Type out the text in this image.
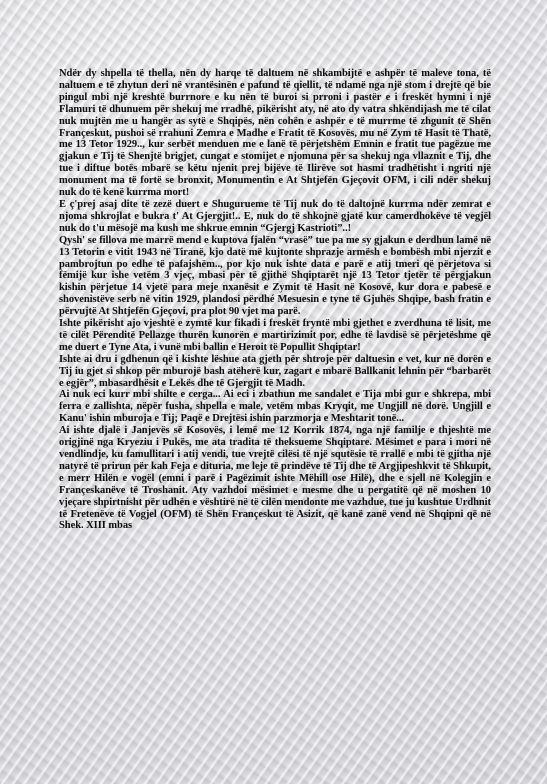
Ndër dy shpella të thella, nën dy harqe të daltuem në shkambijtë e ashpër të maleve tona, të naltuem e të zhytun deri në vrantësinën e pafund të qiellit, të ndamë nga një stom i drejtë që bie pingul mbi një kreshtë burrnore e ku nën të buroi si prroni i pastër e i freskët hymni i një Flamuri të dhunuem për shekuj me rradhë, pikërisht aty, në ato dy vatra shkëndijash me të cilat nuk mujtën me u hangër as sytë e Shqipës, nën cohën e ashpër e të murrme të zhgunit të Shën Françeskut, pushoi së rrahuni Zemra e Madhe e Fratit të Kosovës, mu në Zym të Hasit të Thatë, me 13 Tetor 1929.., kur serbët menduen me e lanë të përjetshëm Emnin e fratit tue pagëzue me gjakun e Tij të Shenjtë brigjet, cungat e stomijet e njomuna për sa shekuj nga vllaznit e Tij, dhe tue i diftue botës mbarë se këtu njenit prej bijëve të Ilirëve sot hasmi tradhëtisht i ngriti një monument ma të fortë se bronxit, Monumentin e At Shtjefën Gjeçovit OFM, i cili ndër shekuj nuk do të kenë kurrma mort!

E ç'prej asaj dite të zezë duert e Shugurueme të Tij nuk do të daltojnë kurrma ndër zemrat e njoma shkrojlat e bukra t' At Gjergjit!.. E, nuk do të shkojnë gjatë kur camerdhokëve të vegjël nuk do t'u mësojë ma kush me shkrue emnin “Gjergj Kastrioti”..!

Qysh' se fillova me marrë mend e kuptova fjalën “vrasë” tue pa me sy gjakun e derdhun lamë në 13 Tetorin e vitit 1943 në Tiranë, kjo datë më kujtonte shprazje armësh e bombësh mbi njerzit e pambrojtun po edhe të pafajshëm.., por kjo nuk ishte data e parë e atij tmeri që përjetova si fëmijë kur ishe vetëm 3 vjeç, mbasi për të gjithë Shqiptarët një 13 Tetor tjetër të përgjakun kishin përjetue 14 vjetë para meje nxanësit e Zymit të Hasit në Kosovë, kur dora e pabesë e shovenistëve serb në vitin 1929, plandosi përdhé Mesuesin e tyne të Gjuhës Shqipe, bash fratin e përvujtë At Shtjefën Gjeçovi, pra plot 90 vjet ma parë.

Ishte pikërisht ajo vjeshtë e zymtë kur fikadi i freskët fryntë mbi gjethet e zverdhuna të lisit, me të cilët Përenditë Pellazge thurën kunorën e martirizimit por, edhe të lavdisë së përjetëshme që me duert e Tyne Ata, i vunë mbi ballin e Heroit të Popullit Shqiptar!

Ishte ai dru i gdhenun që i kishte lëshue ata gjeth për shtroje për daltuesin e vet, kur në dorën e Tij iu gjet si shkop për mburojë bash atëherë kur, zagart e mbarë Ballkanit lehnin për “barbarët e egjër”, mbasardhësit e Lekës dhe të Gjergjit të Madh.

Ai nuk eci kurr mbi shilte e cerga... Ai eci i zbathun me sandalet e Tija mbi gur e shkrepa, mbi ferra e zallishta, nëpër fusha, shpella e male, vetëm mbas Kryqit, me Ungjill në dorë. Ungjill e Kanu' ishin mburoja e Tij; Paqë e Drejtësi ishin parzmorja e Meshtarit tonë...

Ai ishte djalë i Janjevës së Kosovës, i lemë me 12 Korrik 1874, nga një familje e thjeshtë me origjinë nga Kryeziu i Pukës, me ata tradita të theksueme Shqiptare. Mësimet e para i mori në vendlindje, ku famullitari i atij vendi, tue vrejtë cilësi të një squtësie të rrallë e mbi të gjitha një natyrë të prirun për kah Feja e dituria, me leje të prindëve të Tij dhe të Argjipeshkvit të Shkupit, e merr Hilën e vogël (emni i parë i Pagëzimit ishte Mëhill ose Hilë), dhe e sjell në Kolegjin e Françeskanëve të Troshanit. Aty vazhdoi mësimet e mesme dhe u pergatitë që në moshen 10 vjeçare shpirtnisht për udhën e vështirë në të cilën mendonte me vazhdue, tue ju kushtue Urdhnit të Fretenëve të Vogjel (OFM) të Shën Françeskut të Asizit, që kanë zanë vend në Shqipni që në Shek. XIII mbas
